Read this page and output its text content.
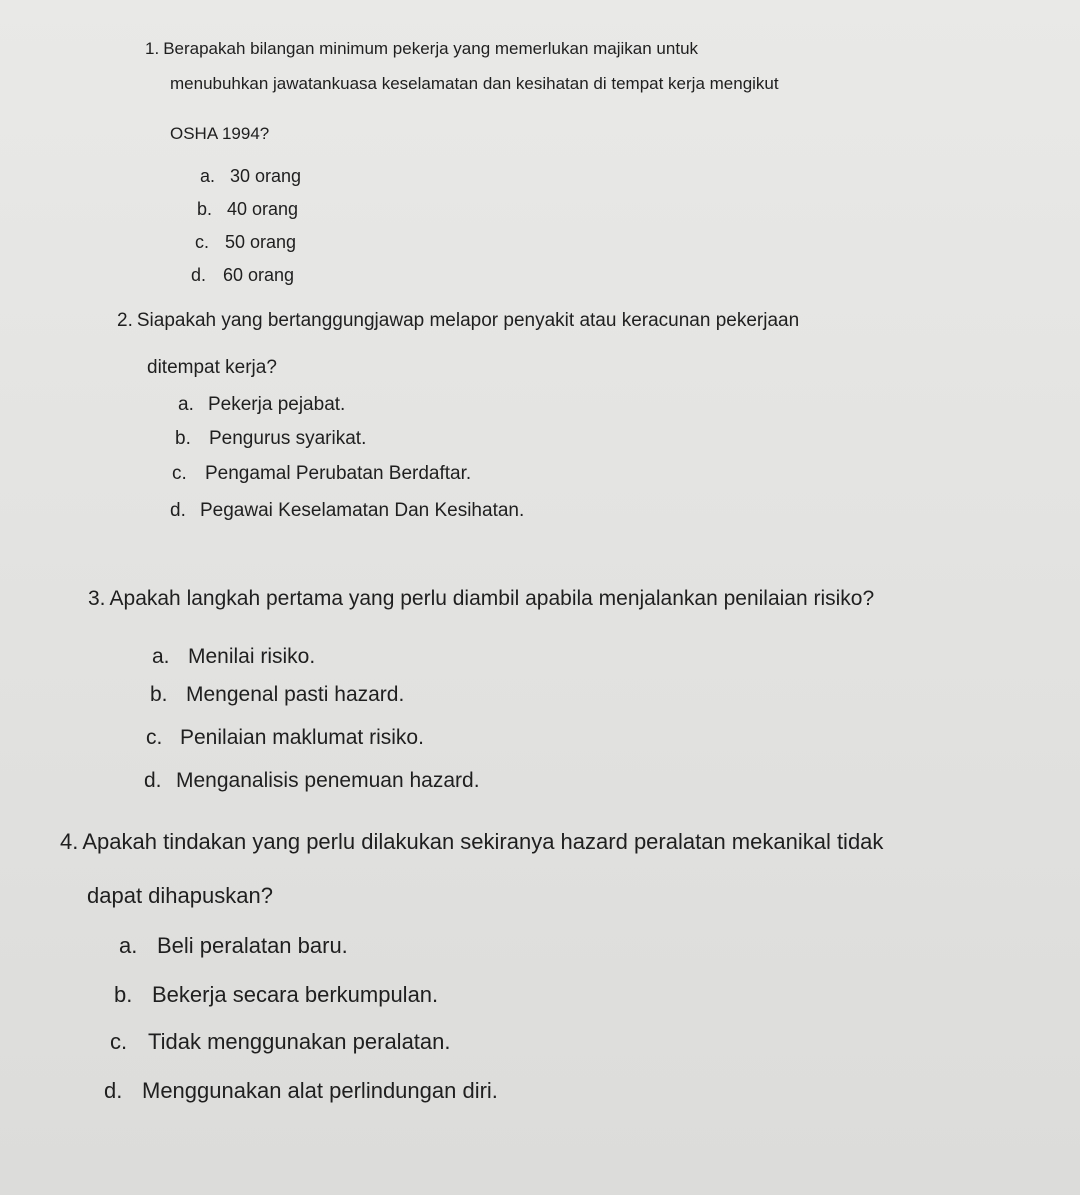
1. Berapakah bilangan minimum pekerja yang memerlukan majikan untuk

menubuhkan jawatankuasa keselamatan dan kesihatan di tempat kerja mengikut

OSHA 1994?

a. 30 orang

b. 40 orang

c. 50 orang

d. 60 orang

2. Siapakah yang bertanggungjawap melapor penyakit atau keracunan pekerjaan

ditempat kerja?

a. Pekerja pejabat.

b. Pengurus syarikat.

c. Pengamal Perubatan Berdaftar.

d. Pegawai Keselamatan Dan Kesihatan.

3. Apakah langkah pertama yang perlu diambil apabila menjalankan penilaian risiko?

a. Menilai risiko.

b. Mengenal pasti hazard.

c. Penilaian maklumat risiko.

d. Menganalisis penemuan hazard.

4. Apakah tindakan yang perlu dilakukan sekiranya hazard peralatan mekanikal tidak

dapat dihapuskan?

a. Beli peralatan baru.

b. Bekerja secara berkumpulan.

c. Tidak menggunakan peralatan.

d. Menggunakan alat perlindungan diri.
